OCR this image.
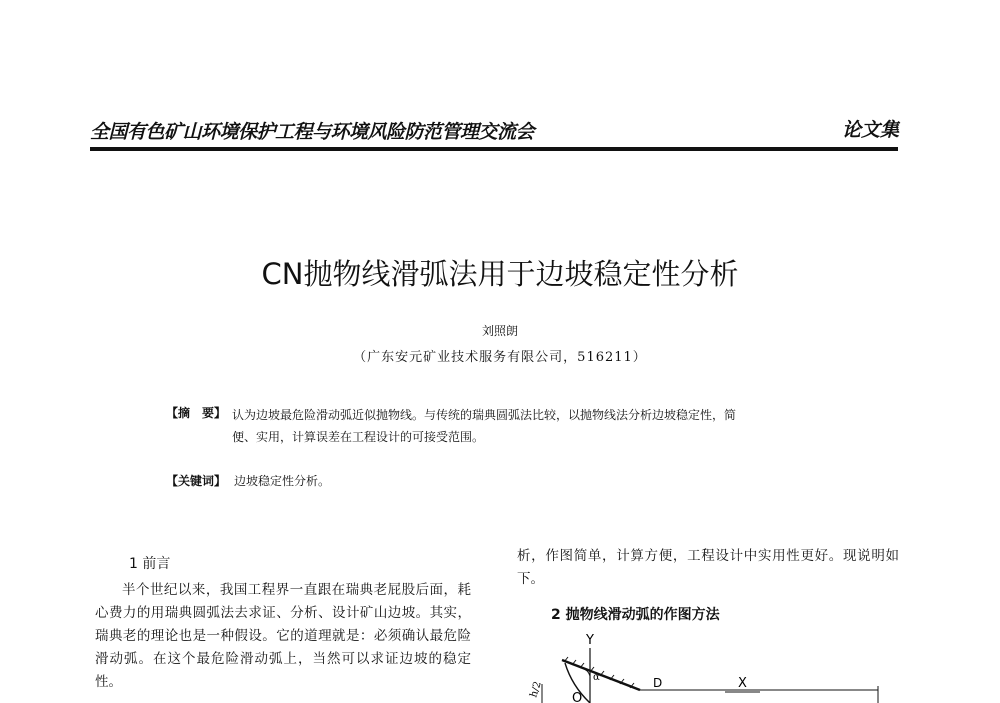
全国有色矿山环境保护工程与环境风险防范管理交流会	论文集
CN抛物线滑弧法用于边坡稳定性分析
刘照朗
（广东安元矿业技术服务有限公司，516211）
【摘　要】 认为边坡最危险滑动弧近似抛物线。与传统的瑞典圆弧法比较，以抛物线法分析边坡稳定性，简
便、实用，计算误差在工程设计的可接受范围。
【关键词】 边坡稳定性分析。
1 前言
半个世纪以来，我国工程界一直跟在瑞典老屁股后面，耗心费力的用瑞典圆弧法去求证、分析、设计矿山边坡。其实，瑞典老的理论也是一种假设。它的道理就是：必须确认最危险滑动弧。在这个最危险滑动弧上，当然可以求证边坡的稳定性。
析，作图简单，计算方便，工程设计中实用性更好。现说明如下。
2 抛物线滑动弧的作图方法
Y
α
h/2 O
D	X
